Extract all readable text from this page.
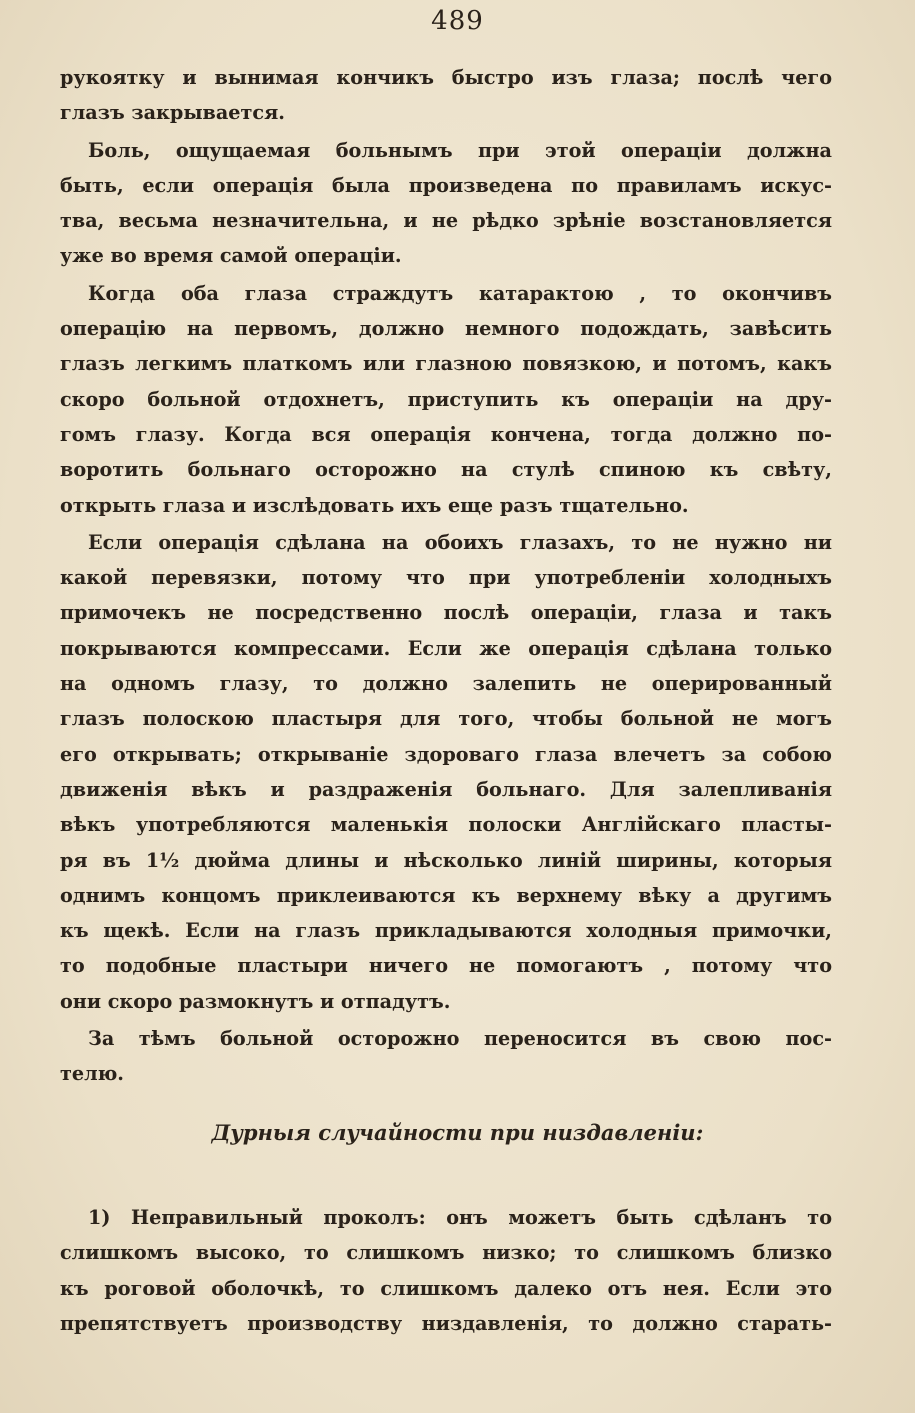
489
рукоятку и вынимая кончикъ быстро изъ глаза; послѣ чего
глазъ закрывается.
Боль, ощущаемая больнымъ при этой операціи должна
быть, если операція была произведена по правиламъ искус-
тва, весьма незначительна, и не рѣдко зрѣніе возстановляется
уже во время самой операціи.
Когда оба глаза страждутъ катарактою , то окончивъ
операцію на первомъ, должно немного подождать, завѣсить
глазъ легкимъ платкомъ или глазною повязкою, и потомъ, какъ
скоро больной отдохнетъ, приступить къ операціи на дру-
гомъ глазу. Когда вся операція кончена, тогда должно по-
воротить больнаго осторожно на стулѣ спиною къ свѣту,
открыть глаза и изслѣдовать ихъ еще разъ тщательно.
Если операція сдѣлана на обоихъ глазахъ, то не нужно ни
какой перевязки, потому что при употребленіи холодныхъ
примочекъ не посредственно послѣ операціи, глаза и такъ
покрываются компрессами. Если же операція сдѣлана только
на одномъ глазу, то должно залепить не оперированный
глазъ полоскою пластыря для того, чтобы больной не могъ
его открывать; открываніе здороваго глаза влечетъ за собою
движенія вѣкъ и раздраженія больнаго. Для залепливанія
вѣкъ употребляются маленькія полоски Англійскаго пласты-
ря въ 1½ дюйма длины и нѣсколько линій ширины, которыя
однимъ концомъ приклеиваются къ верхнему вѣку а другимъ
къ щекѣ. Если на глазъ прикладываются холодныя примочки,
то подобные пластыри ничего не помогаютъ , потому что
они скоро размокнутъ и отпадутъ.
За тѣмъ больной осторожно переносится въ свою пос-
телю.
Дурныя случайности при низдавленіи:
1) Неправильный проколъ: онъ можетъ быть сдѣланъ то
слишкомъ высоко, то слишкомъ низко; то слишкомъ близко
къ роговой оболочкѣ, то слишкомъ далеко отъ нея. Если это
препятствуетъ производству низдавленія, то должно старать-
